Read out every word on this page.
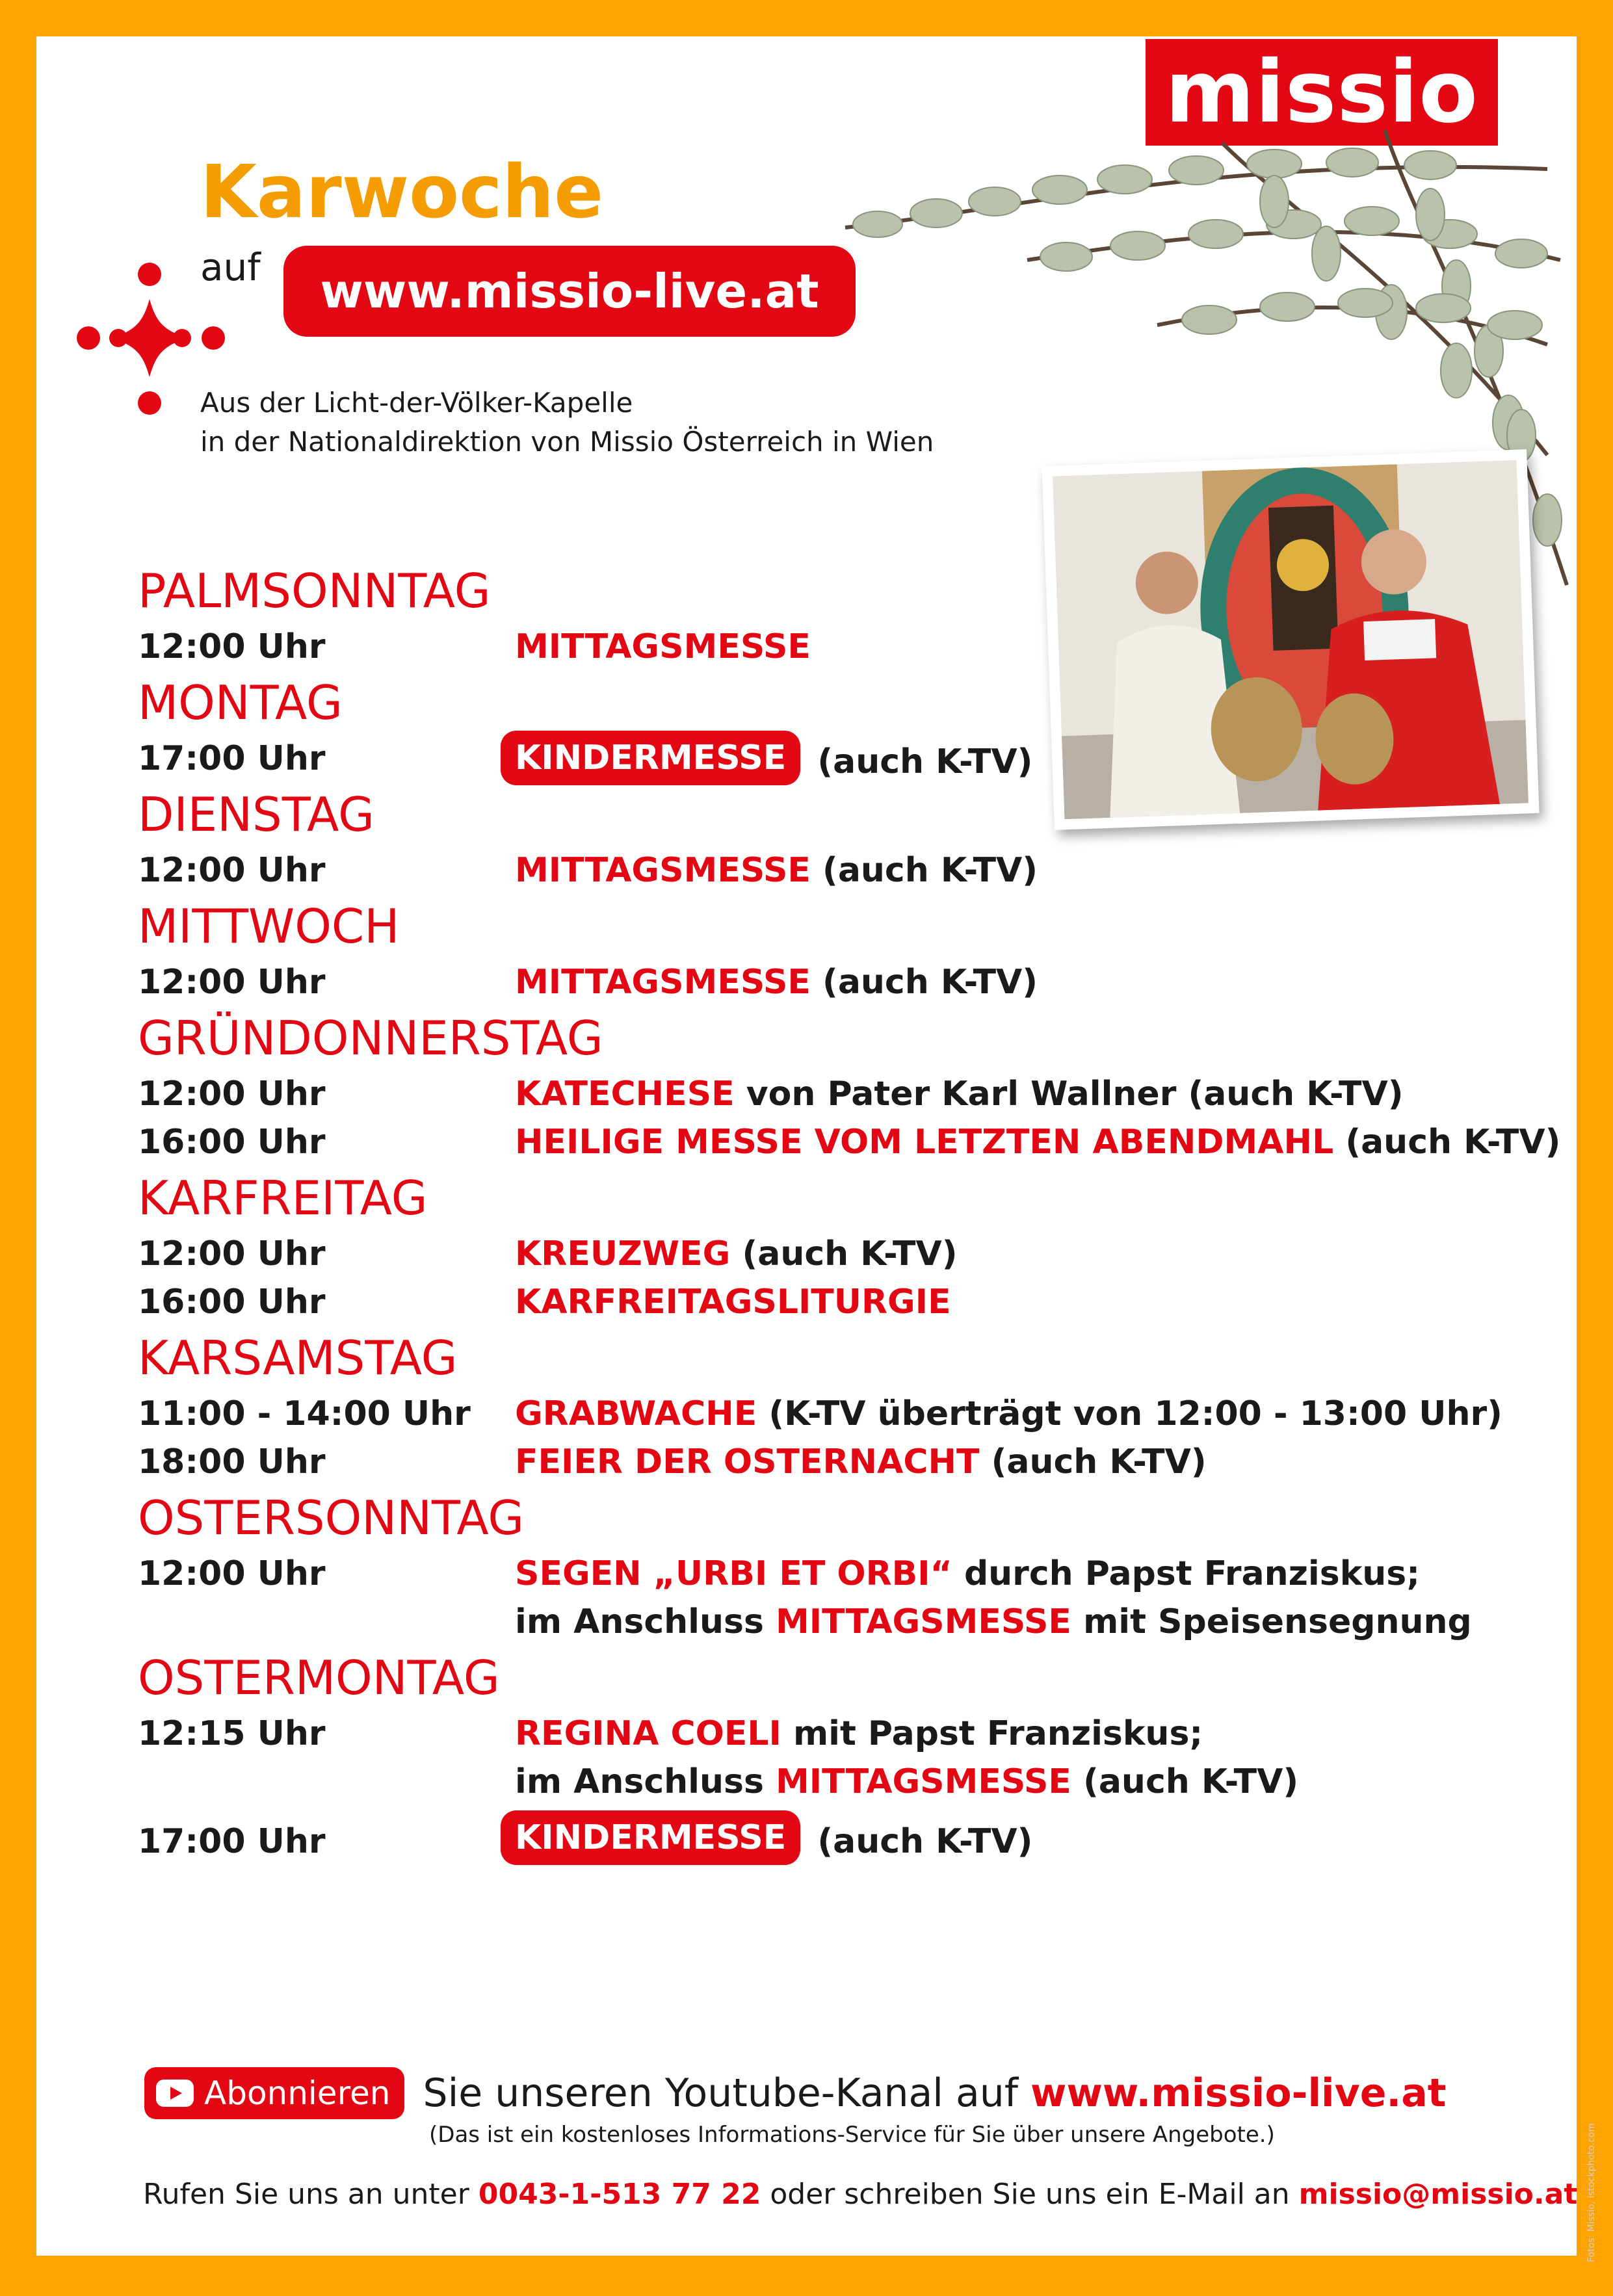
missio
Karwoche
auf	www.missio-live.at
Aus der Licht-der-Völker-Kapelle
in der Nationaldirektion von Missio Österreich in Wien
PALMSONNTAG
12:00 Uhr	MITTAGSMESSE
MONTAG
17:00 Uhr	KINDERMESSE (auch K-TV)
DIENSTAG
12:00 Uhr	MITTAGSMESSE (auch K-TV)
MITTWOCH
12:00 Uhr	MITTAGSMESSE (auch K-TV)
GRÜNDONNERSTAG
12:00 Uhr	KATECHESE von Pater Karl Wallner (auch K-TV)
16:00 Uhr	HEILIGE MESSE VOM LETZTEN ABENDMAHL (auch K-TV)
KARFREITAG
12:00 Uhr	KREUZWEG (auch K-TV)
16:00 Uhr	KARFREITAGSLITURGIE
KARSAMSTAG
11:00 - 14:00 Uhr GRABWACHE (K-TV überträgt von 12:00 - 13:00 Uhr)
18:00 Uhr	FEIER DER OSTERNACHT (auch K-TV)
OSTERSONNTAG
12:00 Uhr	SEGEN „URBI ET ORBI“ durch Papst Franziskus;
im Anschluss MITTAGSMESSE mit Speisensegnung
OSTERMONTAG
12:15 Uhr	REGINA COELI mit Papst Franziskus;
im Anschluss MITTAGSMESSE (auch K-TV)
17:00 Uhr	KINDERMESSE (auch K-TV)
Abonnieren Sie unseren Youtube-Kanal auf www.missio-live.at
(Das ist ein kostenloses Informations-Service für Sie über unsere Angebote.)
Rufen Sie uns an unter 0043-1-513 77 22 oder schreiben Sie uns ein E-Mail an missio@missio.at Fotos: Missio, istockphoto.com
